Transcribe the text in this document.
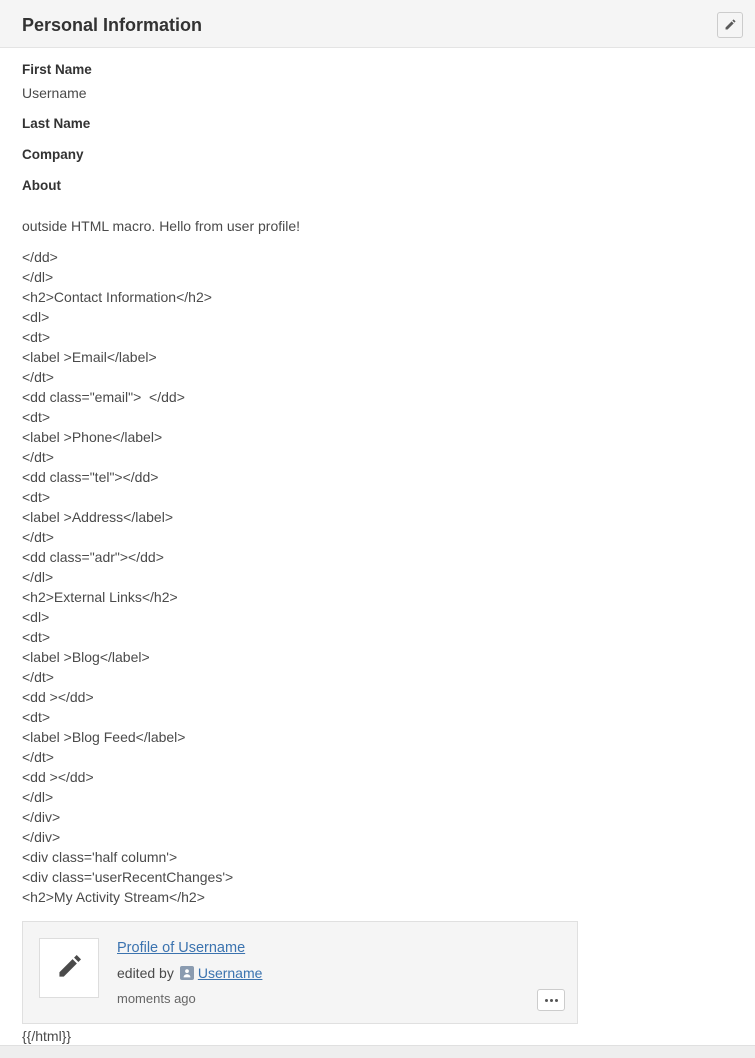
Personal Information
First Name
Username
Last Name
Company
About
outside HTML macro. Hello from user profile!
</dd>
</dl>
<h2>Contact Information</h2>
<dl>
<dt>
<label >Email</label>
</dt>
<dd class="email">  </dd>
<dt>
<label >Phone</label>
</dt>
<dd class="tel"></dd>
<dt>
<label >Address</label>
</dt>
<dd class="adr"></dd>
</dl>
<h2>External Links</h2>
<dl>
<dt>
<label >Blog</label>
</dt>
<dd ></dd>
<dt>
<label >Blog Feed</label>
</dt>
<dd ></dd>
</dl>
</div>
</div>
<div class='half column'>
<div class='userRecentChanges'>
<h2>My Activity Stream</h2>
Profile of Username
edited by Username
moments ago
{{/html}}
